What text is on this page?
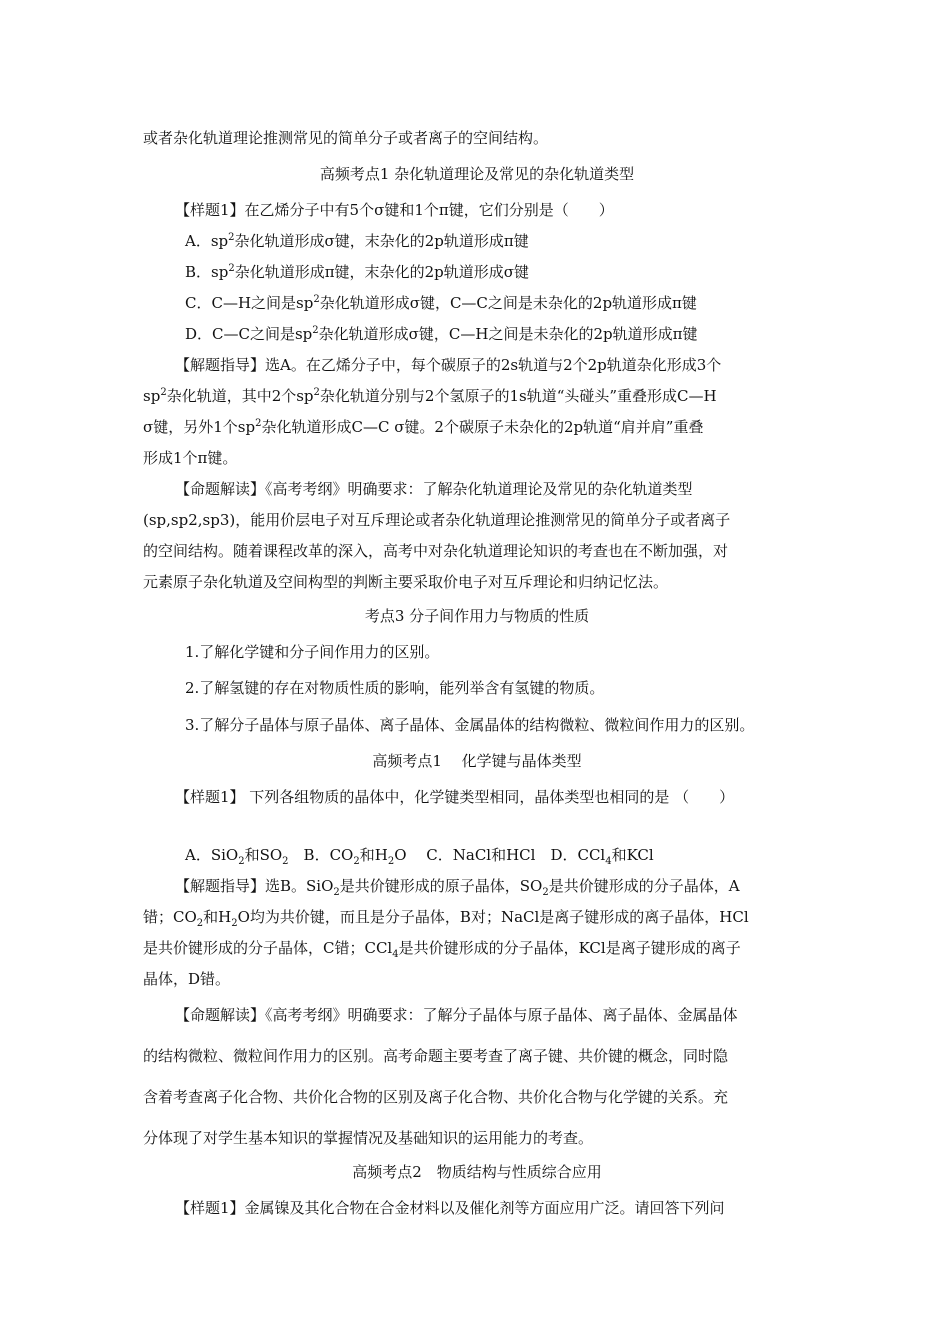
或者杂化轨道理论推测常见的简单分子或者离子的空间结构。
高频考点1 杂化轨道理论及常见的杂化轨道类型
【样题1】在乙烯分子中有5个σ键和1个π键，它们分别是（　　）
A．$sp^2$杂化轨道形成σ键，末杂化的2p轨道形成π键
B．$sp^2$杂化轨道形成π键，末杂化的2p轨道形成σ键
C．C—H之间是$sp^2$杂化轨道形成σ键，C—C之间是未杂化的2p轨道形成π键
D．C—C之间是$sp^2$杂化轨道形成σ键，C—H之间是未杂化的2p轨道形成π键
【解题指导】选A。在乙烯分子中，每个碳原子的2s轨道与2个2p轨道杂化形成3个
$sp^2$杂化轨道，其中2个$sp^2$杂化轨道分别与2个氢原子的1s轨道“头碰头”重叠形成C—H
σ键，另外1个$sp^2$杂化轨道形成C—C σ键。2个碳原子未杂化的2p轨道“肩并肩”重叠
形成1个π键。
【命题解读】《高考考纲》明确要求：了解杂化轨道理论及常见的杂化轨道类型
(sp,sp2,sp3)，能用价层电子对互斥理论或者杂化轨道理论推测常见的简单分子或者离子
的空间结构。随着课程改革的深入，高考中对杂化轨道理论知识的考查也在不断加强，对
元素原子杂化轨道及空间构型的判断主要采取价电子对互斥理论和归纳记忆法。
考点3 分子间作用力与物质的性质
1.了解化学键和分子间作用力的区别。
2.了解氢键的存在对物质性质的影响，能列举含有氢键的物质。
3.了解分子晶体与原子晶体、离子晶体、金属晶体的结构微粒、微粒间作用力的区别。
高频考点1　 化学键与晶体类型
【样题1】 下列各组物质的晶体中，化学键类型相同，晶体类型也相同的是 （　　）
A．SiO$_2$和$SO_2$　B．$CO_2$和$H_2O$　 C．NaCl和HCl　D．CCl$_4$和KCl
【解题指导】选B。SiO$_2$是共价键形成的原子晶体，$SO_2$是共价键形成的分子晶体，A
错；$CO_2$和$H_2O$均为共价键，而且是分子晶体，B对；NaCl是离子键形成的离子晶体，HCl
是共价键形成的分子晶体，C错；CCl$_4$是共价键形成的分子晶体，KCl是离子键形成的离子
晶体，D错。
【命题解读】《高考考纲》明确要求：了解分子晶体与原子晶体、离子晶体、金属晶体
的结构微粒、微粒间作用力的区别。高考命题主要考查了离子键、共价键的概念，同时隐
含着考查离子化合物、共价化合物的区别及离子化合物、共价化合物与化学键的关系。充
分体现了对学生基本知识的掌握情况及基础知识的运用能力的考查。
高频考点2　物质结构与性质综合应用
【样题1】金属镍及其化合物在合金材料以及催化剂等方面应用广泛。请回答下列问
